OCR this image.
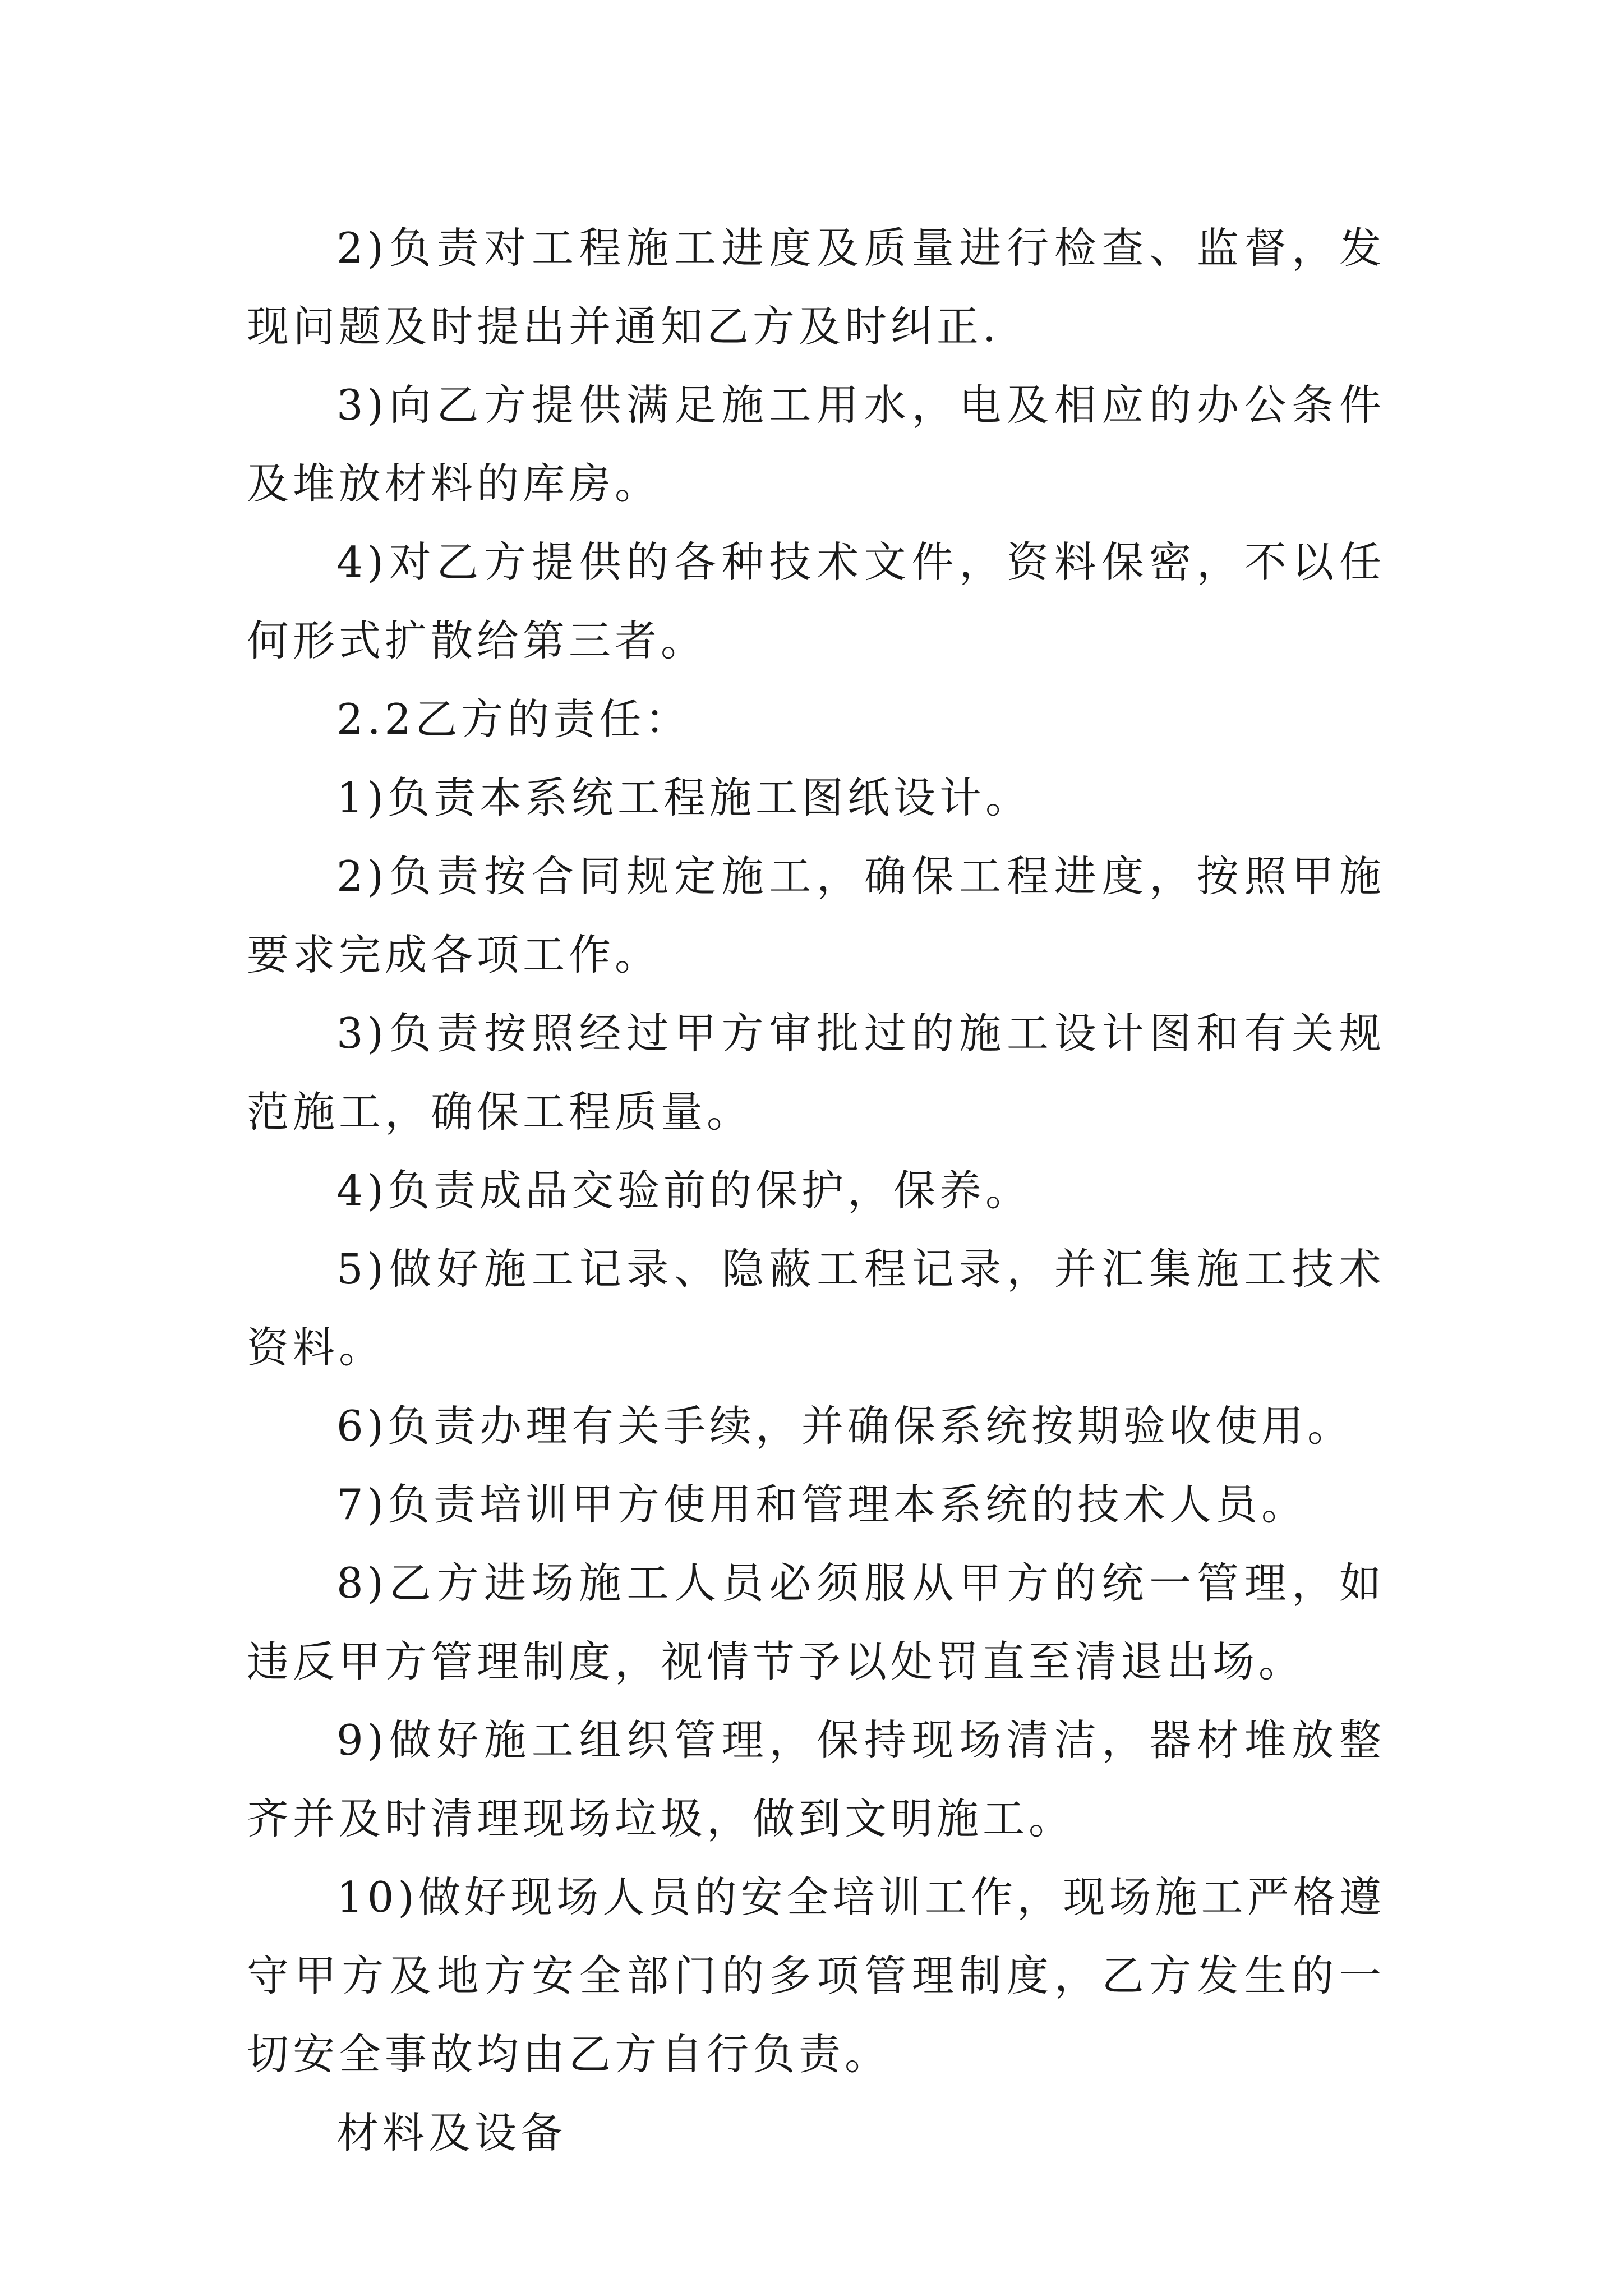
2)负责对工程施工进度及质量进行检查、监督，发现问题及时提出并通知乙方及时纠正.

3)向乙方提供满足施工用水，电及相应的办公条件及堆放材料的库房。

4)对乙方提供的各种技术文件，资料保密，不以任何形式扩散给第三者。

2.2乙方的责任：

1)负责本系统工程施工图纸设计。

2)负责按合同规定施工，确保工程进度，按照甲施要求完成各项工作。

3)负责按照经过甲方审批过的施工设计图和有关规范施工，确保工程质量。

4)负责成品交验前的保护，保养。

5)做好施工记录、隐蔽工程记录，并汇集施工技术资料。

6)负责办理有关手续，并确保系统按期验收使用。

7)负责培训甲方使用和管理本系统的技术人员。

8)乙方进场施工人员必须服从甲方的统一管理，如违反甲方管理制度，视情节予以处罚直至清退出场。

9)做好施工组织管理，保持现场清洁，器材堆放整齐并及时清理现场垃圾，做到文明施工。

10)做好现场人员的安全培训工作，现场施工严格遵守甲方及地方安全部门的多项管理制度，乙方发生的一切安全事故均由乙方自行负责。

材料及设备
